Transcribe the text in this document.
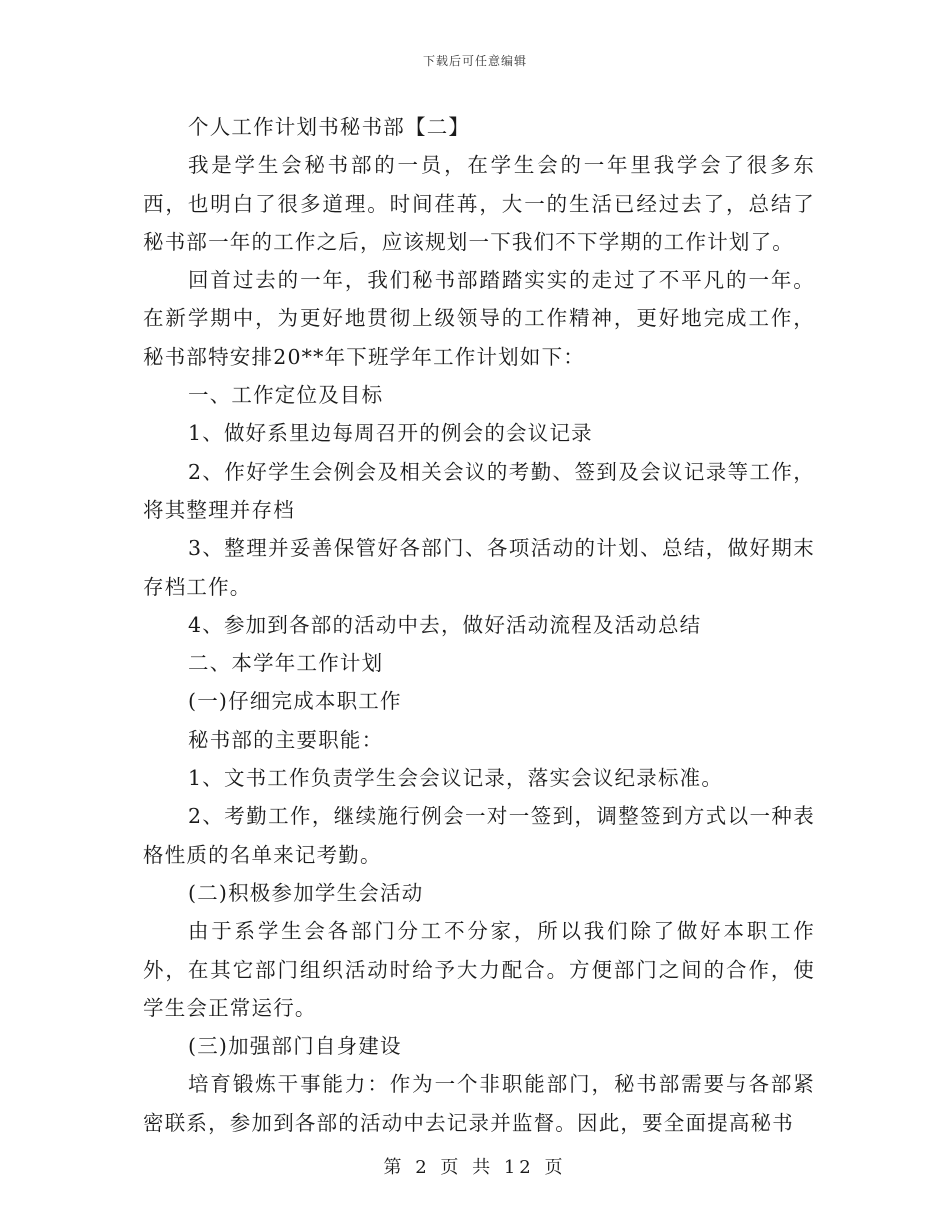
下载后可任意编辑

个人工作计划书秘书部【二】

我是学生会秘书部的一员，在学生会的一年里我学会了很多东西，也明白了很多道理。时间荏苒，大一的生活已经过去了，总结了秘书部一年的工作之后，应该规划一下我们不下学期的工作计划了。

回首过去的一年，我们秘书部踏踏实实的走过了不平凡的一年。在新学期中，为更好地贯彻上级领导的工作精神，更好地完成工作，秘书部特安排20**年下班学年工作计划如下：

一、工作定位及目标

1、做好系里边每周召开的例会的会议记录

2、作好学生会例会及相关会议的考勤、签到及会议记录等工作，将其整理并存档

3、整理并妥善保管好各部门、各项活动的计划、总结，做好期末存档工作。

4、参加到各部的活动中去，做好活动流程及活动总结

二、本学年工作计划

(一)仔细完成本职工作

秘书部的主要职能：

1、文书工作负责学生会会议记录，落实会议纪录标准。

2、考勤工作，继续施行例会一对一签到，调整签到方式以一种表格性质的名单来记考勤。

(二)积极参加学生会活动

由于系学生会各部门分工不分家，所以我们除了做好本职工作外，在其它部门组织活动时给予大力配合。方便部门之间的合作，使学生会正常运行。

(三)加强部门自身建设

培育锻炼干事能力：作为一个非职能部门，秘书部需要与各部紧密联系，参加到各部的活动中去记录并监督。因此，要全面提高秘书

第 2 页 共 12 页
